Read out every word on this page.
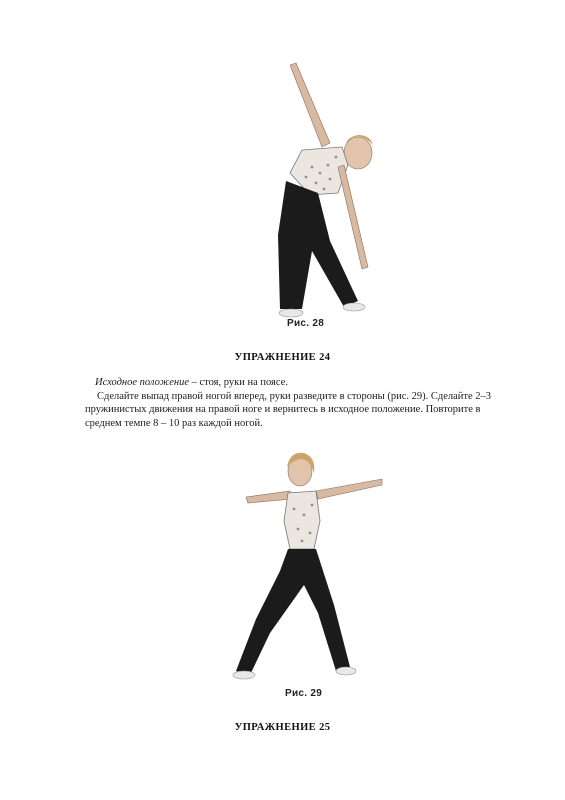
Рис. 28
УПРАЖНЕНИЕ 24

Исходное положение – стоя, руки на поясе.

Сделайте выпад правой ногой вперед, руки разведите в стороны (рис. 29). Сделайте 2–3

пружинистых движения на правой ноге и вернитесь в исходное положение. Повторите в

среднем темпе 8 – 10 раз каждой ногой.

Рис. 29
УПРАЖНЕНИЕ 25
